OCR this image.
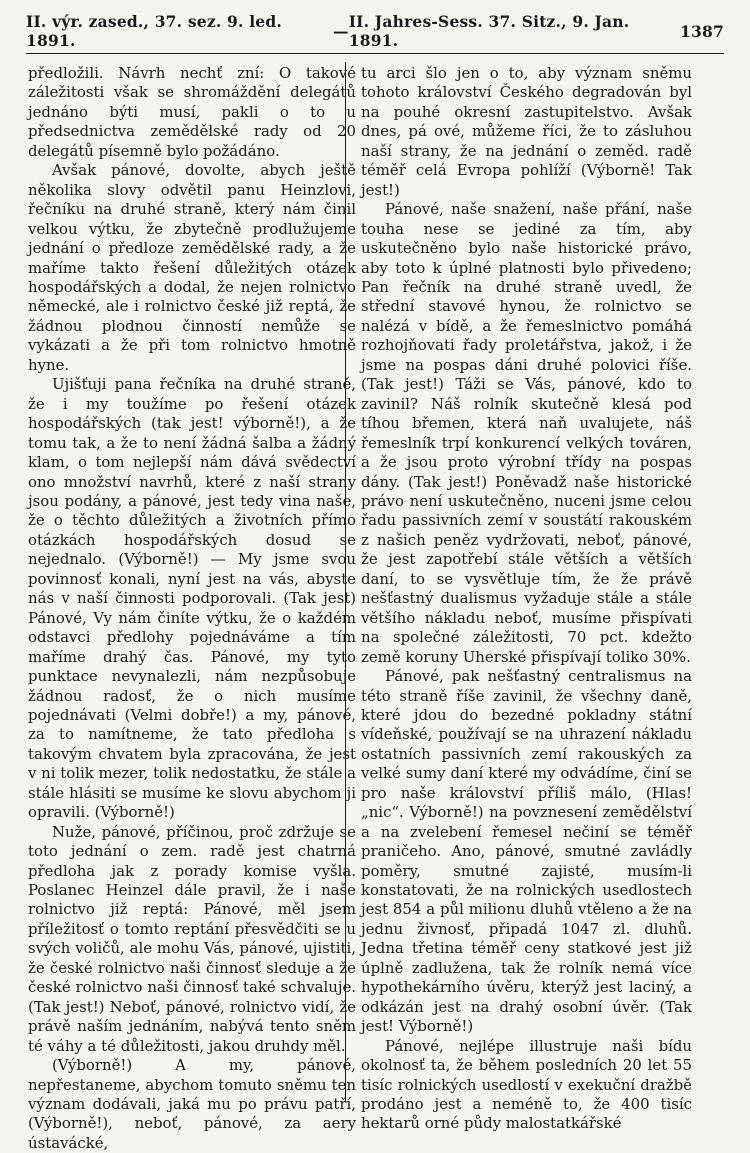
II. výr. zased., 37. sez. 9. led. 1891.	— II. Jahres-Sess. 37. Sitz., 9. Jan. 1891.	1387

předložili. Návrh nechť zní: O takové záležitosti však se shromáždění delegátů jednáno býti musí, pakli o to u předsednictva zemědělské rady od 20 delegátů písemně bylo požádáno.

Avšak pánové, dovolte, abych ještě několika slovy odvětil panu Heinzlovi, řečníku na druhé straně, který nám činil velkou výtku, že zbytečně prodlužujeme jednání o předloze zemědělské rady, a že maříme takto řešení důležitých otázek hospodářských a dodal, že nejen rolnictvo německé, ale i rolnictvo české již reptá, že žádnou plodnou činností nemůže se vykázati a že při tom rolnictvo hmotně hyne.

Ujišťuji pana řečníka na druhé straně, že i my toužíme po řešení otázek hospodářských (tak jest! výborně!), a že tomu tak, a že to není žádná šalba a žádný klam, o tom nejlepší nám dává svědectví ono množství navrhů, které z naší strany jsou podány, a pánové, jest tedy vina naše, že o těchto důležitých a životních přímo otázkách hospodářských dosud se nejednalo. (Výborně!) — My jsme svou povinnosť konali, nyní jest na vás, abyste nás v naší činnosti podporovali. (Tak jest) Pánové, Vy nám činíte výtku, že o každém odstavci předlohy pojednáváme a tím maříme drahý čas. Pánové, my tyto punktace nevynalezli, nám nezpůsobuje žádnou radosť, že o nich musíme pojednávati (Velmi dobře!) a my, pánové, za to namítneme, že tato předloha s takovým chvatem byla zpracována, že jest v ni tolik mezer, tolik nedostatku, že stále a stále hlásiti se musíme ke slovu abychom ji opravili. (Výborně!)

Nuže, pánové, příčinou, proč zdržuje se toto jednání o zem. radě jest chatrná předloha jak z porady komise vyšla. Poslanec Heinzel dále pravil, že i naše rolnictvo již reptá: Pánové, měl jsem příležitosť o tomto reptání přesvědčiti se u svých voličů, ale mohu Vás, pánové, ujistiti, že české rolnictvo naši činnosť sleduje a že české rolnictvo naši činnosť také schvaluje. (Tak jest!) Neboť, pánové, rolnictvo vidí, že právě naším jednáním, nabývá tento sněm té váhy a té důležitosti, jakou druhdy měl.

(Výborně!) A my, pánové, nepřestaneme, abychom tomuto sněmu ten význam dodávali, jaká mu po právu patří, (Výborně!), neboť, pánové, za aery ústavácké,

tu arci šlo jen o to, aby význam sněmu tohoto království Českého degradován byl na pouhé okresní zastupitelstvo. Avšak dnes, pá ové, můžeme říci, že to zásluhou naší strany, že na jednání o zeměd. radě téměř celá Evropa pohlíží (Výborně! Tak jest!)

Pánové, naše snažení, naše přání, naše touha nese se jediné za tím, aby uskutečněno bylo naše historické právo, aby toto k úplné platnosti bylo přivedeno; Pan řečník na druhé straně uvedl, že střední stavové hynou, že rolnictvo se nalézá v bídě, a že řemeslnictvo pomáhá rozhojňovati řady proletářstva, jakož, i že jsme na pospas dáni druhé polovici říše. (Tak jest!) Táži se Vás, pánové, kdo to zavinil? Náš rolník skutečně klesá pod tíhou břemen, která naň uvalujete, náš řemeslník trpí konkurencí velkých továren, a že jsou proto výrobní třídy na pospas dány. (Tak jest!) Poněvadž naše historické právo není uskutečněno, nuceni jsme celou řadu passivních zemí v soustátí rakouském z našich peněz vydržovati, neboť, pánové, že jest zapotřebí stále větších a větších daní, to se vysvětluje tím, že že právě nešťastný dualismus vyžaduje stále a stále většího nákladu neboť, musíme přispívati na společné záležitosti, 70 pct. kdežto země koruny Uherské přispívají toliko 30%.

Pánové, pak nešťastný centralismus na této straně říše zavinil, že všechny daně, které jdou do bezedné pokladny státní vídeňské, používají se na uhrazení nákladu ostatních passivních zemí rakouských za velké sumy daní které my odvádíme, činí se pro naše království příliš málo, (Hlas! „nic“. Výborně!) na povznesení zemědělství a na zvelebení řemesel nečiní se téměř praničeho. Ano, pánové, smutné zavládly poměry, smutné zajisté, musím-li konstatovati, že na rolnických usedlostech jest 854 a půl milionu dluhů vtěleno a že na jednu živnosť, připadá 1047 zl. dluhů. Jedna třetina téměř ceny statkové jest již úplně zadlužena, tak že rolník nemá více hypothekárního úvěru, kterýž jest laciný, a odkázán jest na drahý osobní úvěr. (Tak jest! Výborně!)

Pánové, nejlépe illustruje naši bídu okolnosť ta, že během posledních 20 let 55 tisíc rolnických usedlostí v exekuční dražbě prodáno jest a neméně to, že 400 tisíc hektarů orné půdy malostatkářské
